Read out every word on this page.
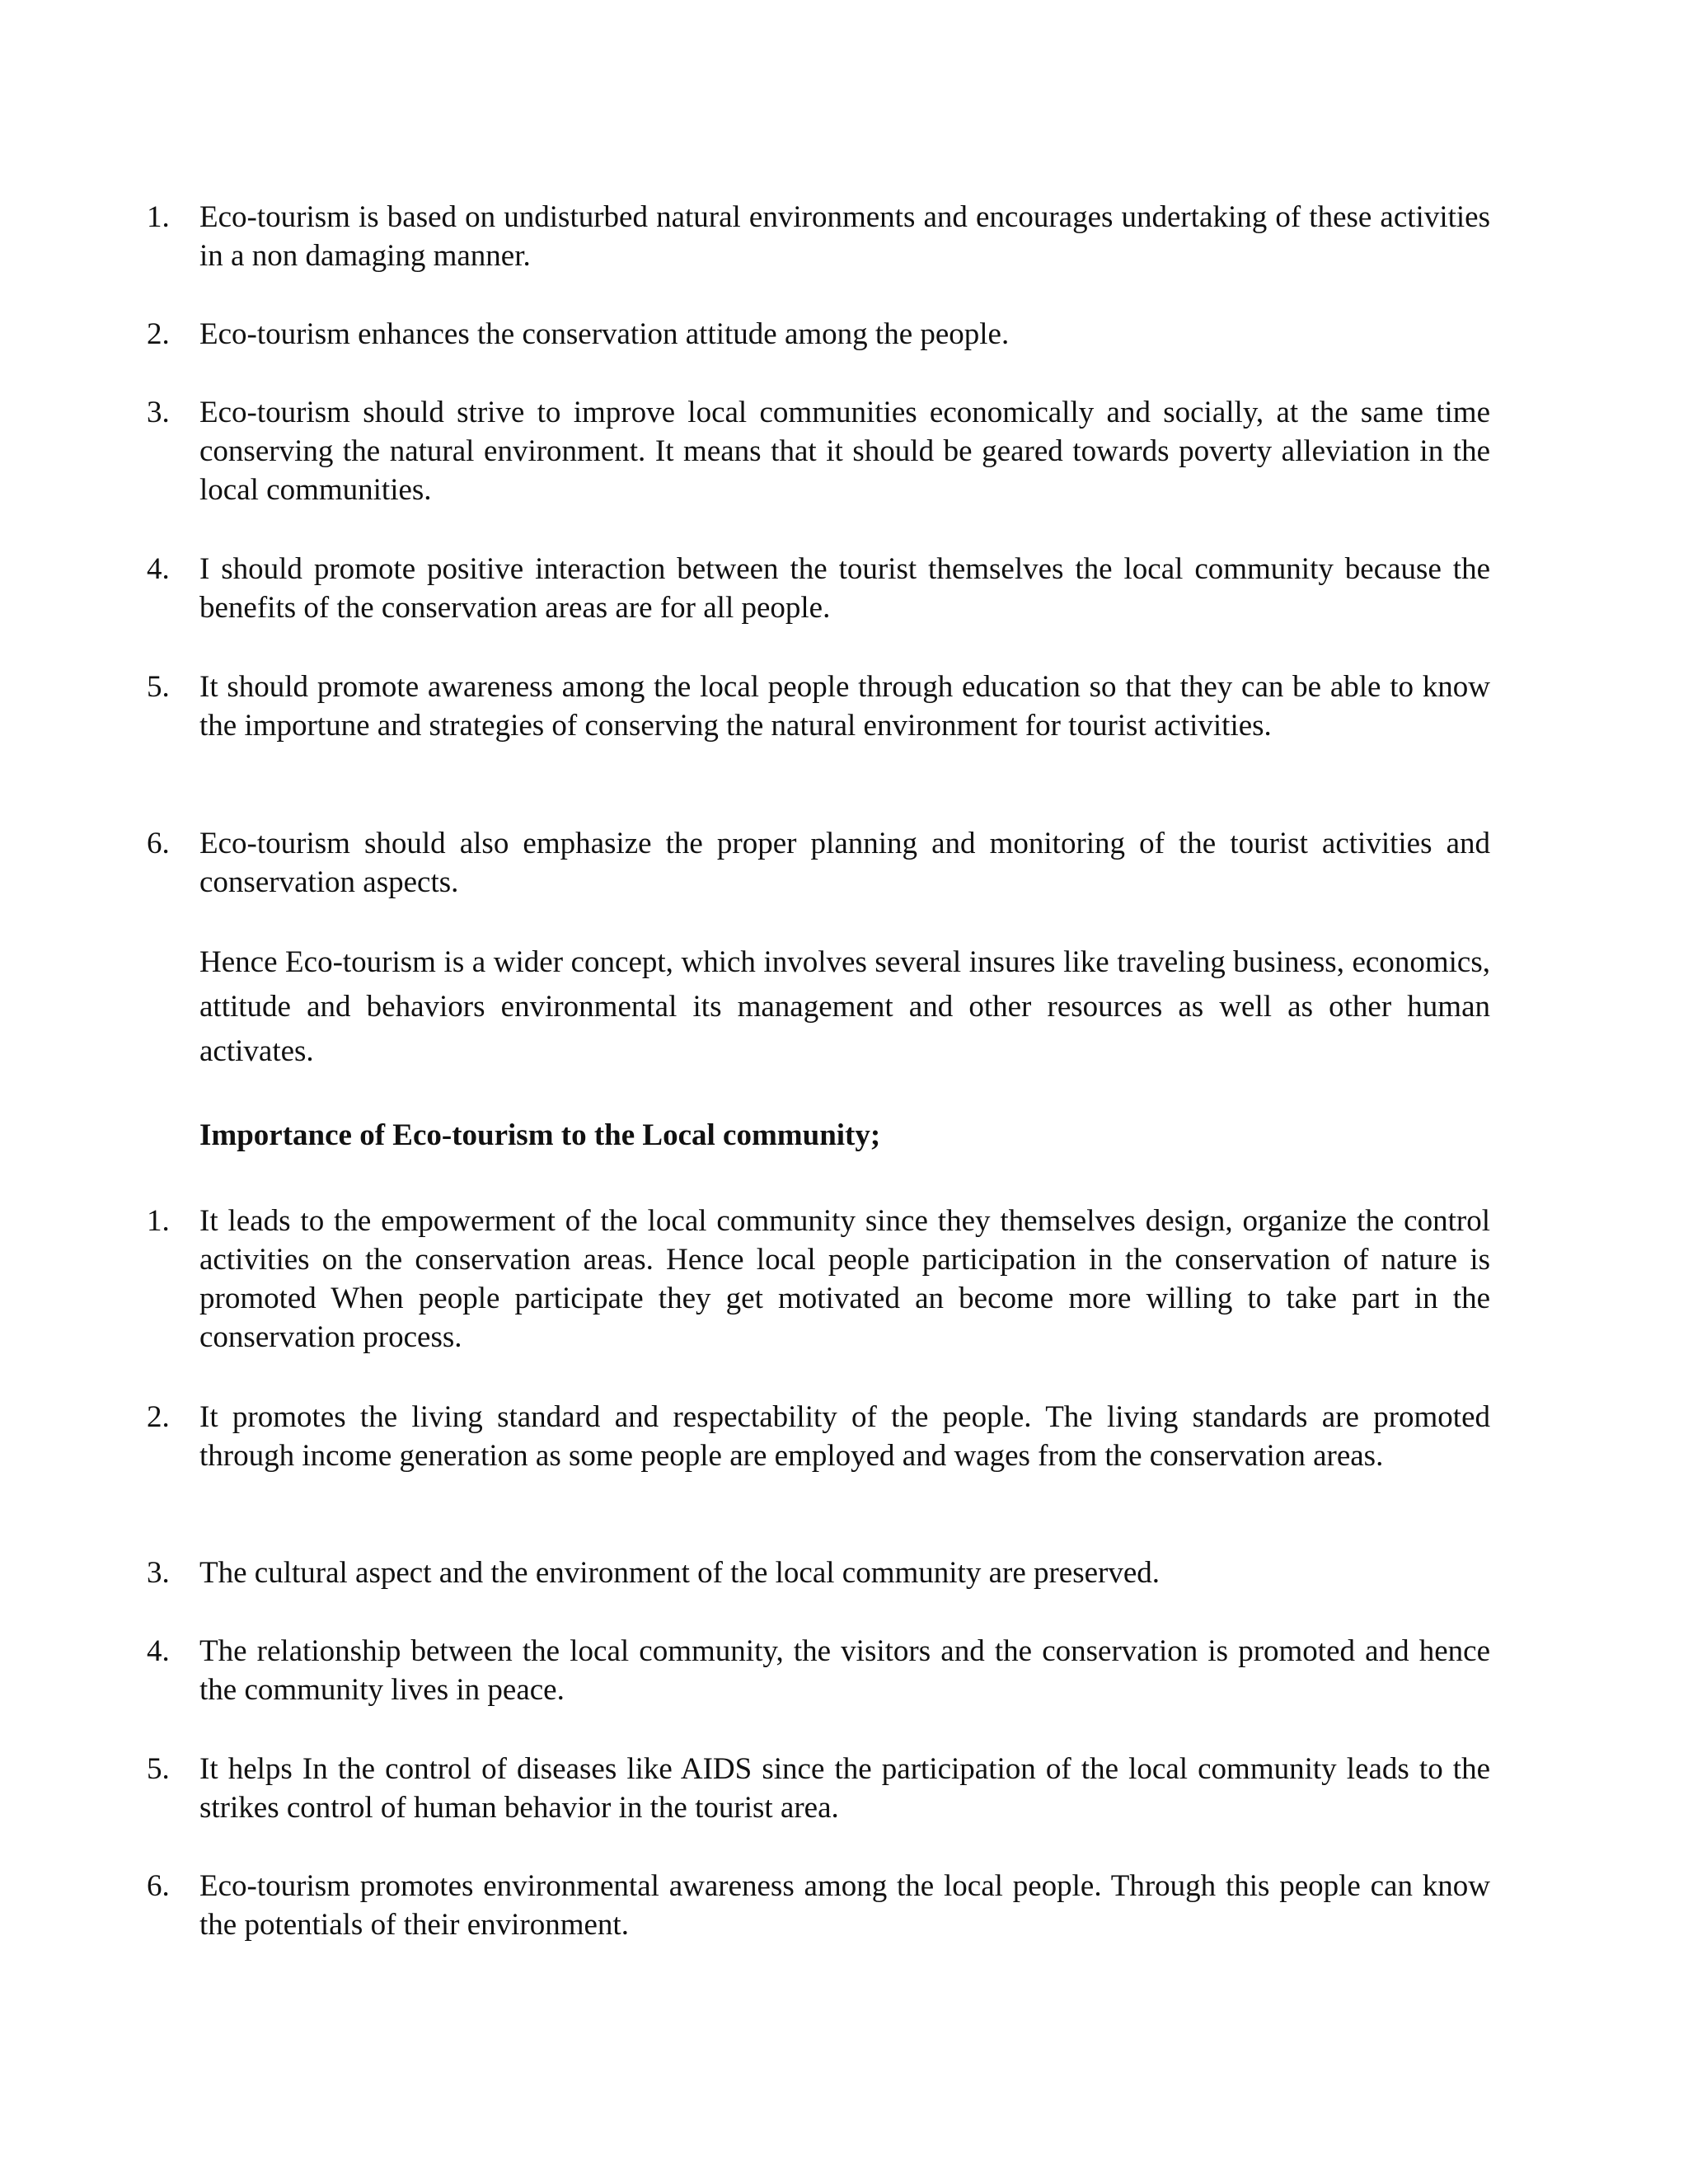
1. Eco-tourism is based on undisturbed natural environments and encourages undertaking of these activities in a non damaging manner.
2. Eco-tourism enhances the conservation attitude among the people.
3. Eco-tourism should strive to improve local communities economically and socially, at the same time conserving the natural environment. It means that it should be geared towards poverty alleviation in the local communities.
4. I should promote positive interaction between the tourist themselves the local community because the benefits of the conservation areas are for all people.
5. It should promote awareness among the local people through education so that they can be able to know the importune and strategies of conserving the natural environment for tourist activities.
6. Eco-tourism should also emphasize the proper planning and monitoring of the tourist activities and conservation aspects.
Hence Eco-tourism is a wider concept, which involves several insures like traveling business, economics, attitude and behaviors environmental its management and other resources as well as other human activates.
Importance of Eco-tourism to the Local community;
1. It leads to the empowerment of the local community since they themselves design, organize the control activities on the conservation areas. Hence local people participation in the conservation of nature is promoted When people participate they get motivated an become more willing to take part in the conservation process.
2. It promotes the living standard and respectability of the people. The living standards are promoted through income generation as some people are employed and wages from the conservation areas.
3. The cultural aspect and the environment of the local community are preserved.
4. The relationship between the local community, the visitors and the conservation is promoted and hence the community lives in peace.
5. It helps In the control of diseases like AIDS since the participation of the local community leads to the strikes control of human behavior in the tourist area.
6. Eco-tourism promotes environmental awareness among the local people. Through this people can know the potentials of their environment.
